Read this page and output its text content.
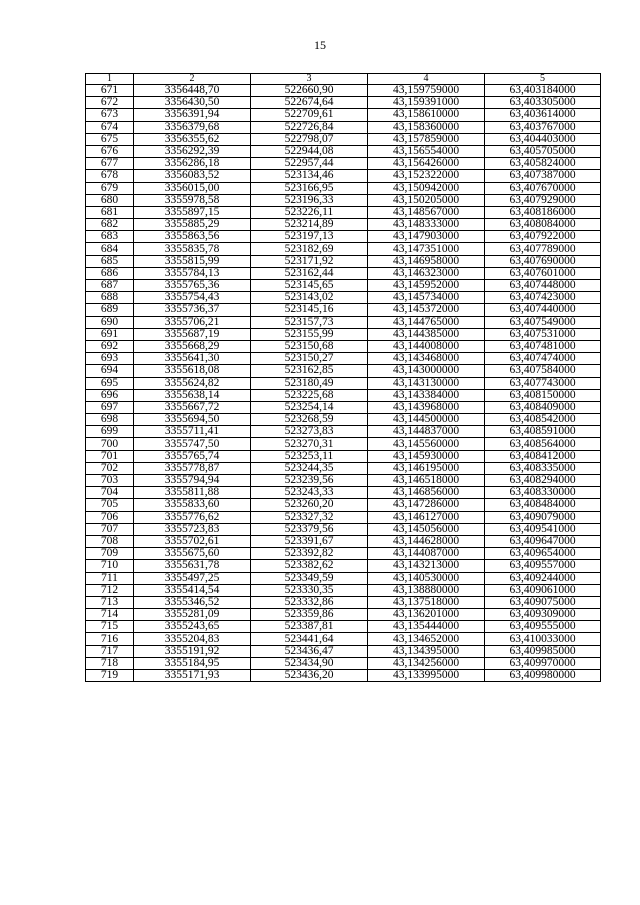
15
1	2	3	4	5
671	3356448,70	522660,90	43,159759000	63,403184000
672	3356430,50	522674,64	43,159391000	63,403305000
673	3356391,94	522709,61	43,158610000	63,403614000
674	3356379,68	522726,84	43,158360000	63,403767000
675	3356355,62	522798,07	43,157859000	63,404403000
676	3356292,39	522944,08	43,156554000	63,405705000
677	3356286,18	522957,44	43,156426000	63,405824000
678	3356083,52	523134,46	43,152322000	63,407387000
679	3356015,00	523166,95	43,150942000	63,407670000
680	3355978,58	523196,33	43,150205000	63,407929000
681	3355897,15	523226,11	43,148567000	63,408186000
682	3355885,29	523214,89	43,148333000	63,408084000
683	3355863,56	523197,13	43,147903000	63,407922000
684	3355835,78	523182,69	43,147351000	63,407789000
685	3355815,99	523171,92	43,146958000	63,407690000
686	3355784,13	523162,44	43,146323000	63,407601000
687	3355765,36	523145,65	43,145952000	63,407448000
688	3355754,43	523143,02	43,145734000	63,407423000
689	3355736,37	523145,16	43,145372000	63,407440000
690	3355706,21	523157,73	43,144765000	63,407549000
691	3355687,19	523155,99	43,144385000	63,407531000
692	3355668,29	523150,68	43,144008000	63,407481000
693	3355641,30	523150,27	43,143468000	63,407474000
694	3355618,08	523162,85	43,143000000	63,407584000
695	3355624,82	523180,49	43,143130000	63,407743000
696	3355638,14	523225,68	43,143384000	63,408150000
697	3355667,72	523254,14	43,143968000	63,408409000
698	3355694,50	523268,59	43,144500000	63,408542000
699	3355711,41	523273,83	43,144837000	63,408591000
700	3355747,50	523270,31	43,145560000	63,408564000
701	3355765,74	523253,11	43,145930000	63,408412000
702	3355778,87	523244,35	43,146195000	63,408335000
703	3355794,94	523239,56	43,146518000	63,408294000
704	3355811,88	523243,33	43,146856000	63,408330000
705	3355833,60	523260,20	43,147286000	63,408484000
706	3355776,62	523327,32	43,146127000	63,409079000
707	3355723,83	523379,56	43,145056000	63,409541000
708	3355702,61	523391,67	43,144628000	63,409647000
709	3355675,60	523392,82	43,144087000	63,409654000
710	3355631,78	523382,62	43,143213000	63,409557000
711	3355497,25	523349,59	43,140530000	63,409244000
712	3355414,54	523330,35	43,138880000	63,409061000
713	3355346,52	523332,86	43,137518000	63,409075000
714	3355281,09	523359,86	43,136201000	63,409309000
715	3355243,65	523387,81	43,135444000	63,409555000
716	3355204,83	523441,64	43,134652000	63,410033000
717	3355191,92	523436,47	43,134395000	63,409985000
718	3355184,95	523434,90	43,134256000	63,409970000
719	3355171,93	523436,20	43,133995000	63,409980000
